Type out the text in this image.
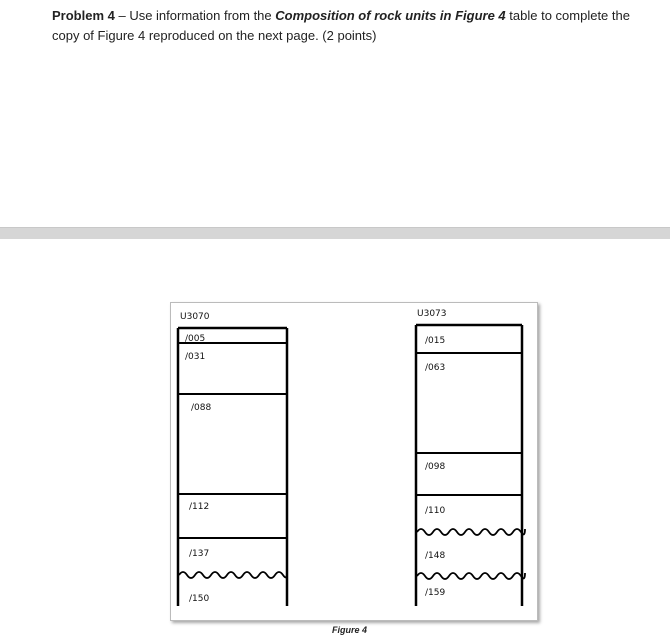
Problem 4 – Use information from the Composition of rock units in Figure 4 table to complete the copy of Figure 4 reproduced on the next page. (2 points)
U3070
/005
/031
/088
/112
/137
/150
U3073
/015
/063
/098
/110
/148
/159
Figure 4
